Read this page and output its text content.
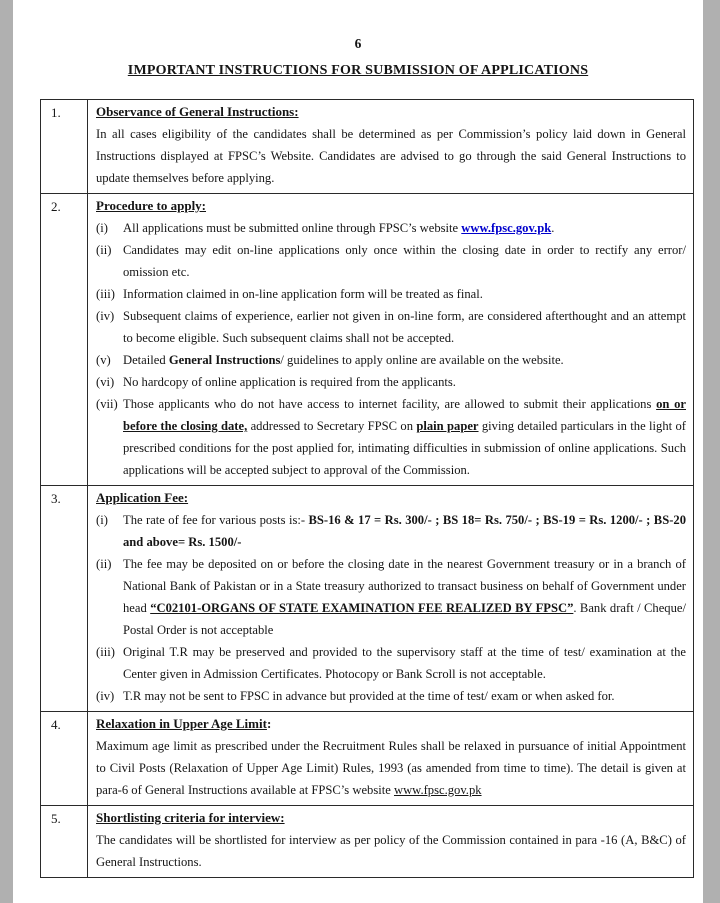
6
IMPORTANT INSTRUCTIONS FOR SUBMISSION OF APPLICATIONS
1.	Observance of General Instructions:
In all cases eligibility of the candidates shall be determined as per Commission’s policy laid down in General Instructions displayed at FPSC’s Website. Candidates are advised to go through the said General Instructions to update themselves before applying.

2.	Procedure to apply:
(i) All applications must be submitted online through FPSC’s website www.fpsc.gov.pk.
(ii) Candidates may edit on-line applications only once within the closing date in order to rectify any error/ omission etc.
(iii) Information claimed in on-line application form will be treated as final.
(iv) Subsequent claims of experience, earlier not given in on-line form, are considered afterthought and an attempt to become eligible. Such subsequent claims shall not be accepted.
(v) Detailed General Instructions/ guidelines to apply online are available on the website.
(vi) No hardcopy of online application is required from the applicants.
(vii) Those applicants who do not have access to internet facility, are allowed to submit their applications on or before the closing date, addressed to Secretary FPSC on plain paper giving detailed particulars in the light of prescribed conditions for the post applied for, intimating difficulties in submission of online applications. Such applications will be accepted subject to approval of the Commission.

3.	Application Fee:
(i) The rate of fee for various posts is:- BS-16 & 17 = Rs. 300/- ; BS 18= Rs. 750/- ; BS-19 = Rs. 1200/- ; BS-20 and above= Rs. 1500/-
(ii) The fee may be deposited on or before the closing date in the nearest Government treasury or in a branch of National Bank of Pakistan or in a State treasury authorized to transact business on behalf of Government under head “C02101-ORGANS OF STATE EXAMINATION FEE REALIZED BY FPSC”. Bank draft / Cheque/ Postal Order is not acceptable
(iii) Original T.R may be preserved and provided to the supervisory staff at the time of test/ examination at the Center given in Admission Certificates. Photocopy or Bank Scroll is not acceptable.
(iv) T.R may not be sent to FPSC in advance but provided at the time of test/ exam or when asked for.

4.	Relaxation in Upper Age Limit:
Maximum age limit as prescribed under the Recruitment Rules shall be relaxed in pursuance of initial Appointment to Civil Posts (Relaxation of Upper Age Limit) Rules, 1993 (as amended from time to time). The detail is given at para-6 of General Instructions available at FPSC’s website www.fpsc.gov.pk

5.	Shortlisting criteria for interview:
The candidates will be shortlisted for interview as per policy of the Commission contained in para -16 (A, B&C) of General Instructions.
